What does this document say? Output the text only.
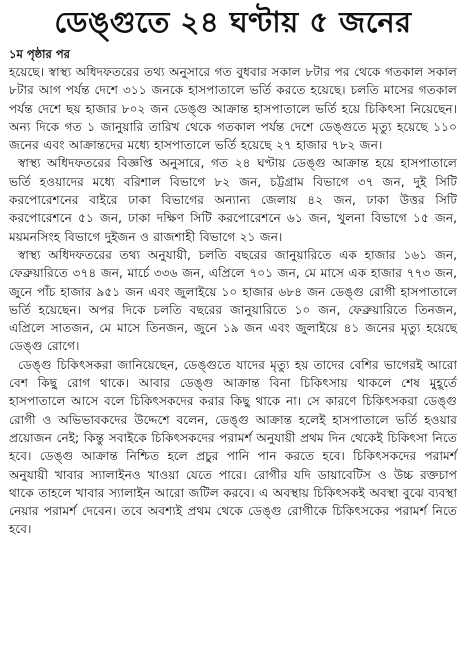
ডেঙ্গুতে ২৪ ঘণ্টায় ৫ জনের
১ম পৃষ্ঠার পর

হয়েছে। স্বাস্থ্য অধিদফতরের তথ্য অনুসারে গত বুধবার সকাল ৮টার পর থেকে গতকাল সকাল ৮টার আগ পর্যন্ত দেশে ৩১১ জনকে হাসপাতালে ভর্তি করতে হয়েছে। চলতি মাসের গতকাল পর্যন্ত দেশে ছয় হাজার ৮০২ জন ডেঙ্গু আক্রান্ত হাসপাতালে ভর্তি হয়ে চিকিৎসা নিয়েছেন। অন্য দিকে গত ১ জানুয়ারি তারিখ থেকে গতকাল পর্যন্ত দেশে ডেঙ্গুতে মৃত্যু হয়েছে ১১০ জনের এবং আক্রান্তদের মধ্যে হাসপাতালে ভর্তি হয়েছে ২৭ হাজার ৭৮২ জন।

স্বাস্থ্য অধিদফতরের বিজ্ঞপ্তি অনুসারে, গত ২৪ ঘণ্টায় ডেঙ্গু আক্রান্ত হয়ে হাসপাতালে ভর্তি হওয়াদের মধ্যে বরিশাল বিভাগে ৮২ জন, চট্টগ্রাম বিভাগে ৩৭ জন, দুই সিটি করপোরেশনের বাইরে ঢাকা বিভাগের অন্যান্য জেলায় ৪২ জন, ঢাকা উত্তর সিটি করপোরেশনে ৫১ জন, ঢাকা দক্ষিণ সিটি করপোরেশনে ৬১ জন, খুলনা বিভাগে ১৫ জন, ময়মনসিংহ বিভাগে দুইজন ও রাজশাহী বিভাগে ২১ জন।

স্বাস্থ্য অধিদফতরের তথ্য অনুযায়ী, চলতি বছরের জানুয়ারিতে এক হাজার ১৬১ জন, ফেব্রুয়ারিতে ৩৭৪ জন, মার্চে ৩৩৬ জন, এপ্রিলে ৭০১ জন, মে মাসে এক হাজার ৭৭৩ জন, জুনে পাঁচ হাজার ৯৫১ জন এবং জুলাইয়ে ১০ হাজার ৬৮৪ জন ডেঙ্গু রোগী হাসপাতালে ভর্তি হয়েছেন। অপর দিকে চলতি বছরের জানুয়ারিতে ১০ জন, ফেব্রুয়ারিতে তিনজন, এপ্রিলে সাতজন, মে মাসে তিনজন, জুনে ১৯ জন এবং জুলাইয়ে ৪১ জনের মৃত্যু হয়েছে ডেঙ্গু রোগে।

ডেঙ্গু চিকিৎসকরা জানিয়েছেন, ডেঙ্গুতে যাদের মৃত্যু হয় তাদের বেশির ভাগেরই আরো বেশ কিছু রোগ থাকে। আবার ডেঙ্গু আক্রান্ত বিনা চিকিৎসায় থাকলে শেষ মুহূর্তে হাসপাতালে আসে বলে চিকিৎসকদের করার কিছু থাকে না। সে কারণে চিকিৎসকরা ডেঙ্গু রোগী ও অভিভাবকদের উদ্দেশে বলেন, ডেঙ্গু আক্রান্ত হলেই হাসপাতালে ভর্তি হওয়ার প্রয়োজন নেই; কিন্তু সবাইকে চিকিৎসকদের পরামর্শ অনুযায়ী প্রথম দিন থেকেই চিকিৎসা নিতে হবে। ডেঙ্গু আক্রান্ত নিশ্চিত হলে প্রচুর পানি পান করতে হবে। চিকিৎসকদের পরামর্শ অনুযায়ী খাবার স্যালাইনও খাওয়া যেতে পারে। রোগীর যদি ডায়াবেটিস ও উচ্চ রক্তচাপ থাকে তাহলে খাবার স্যালাইন আরো জটিল করবে। এ অবস্থায় চিকিৎসকই অবস্থা বুঝে ব্যবস্থা নেয়ার পরামর্শ দেবেন। তবে অবশ্যই প্রথম থেকে ডেঙ্গু রোগীকে চিকিৎসকের পরামর্শ নিতে হবে।
